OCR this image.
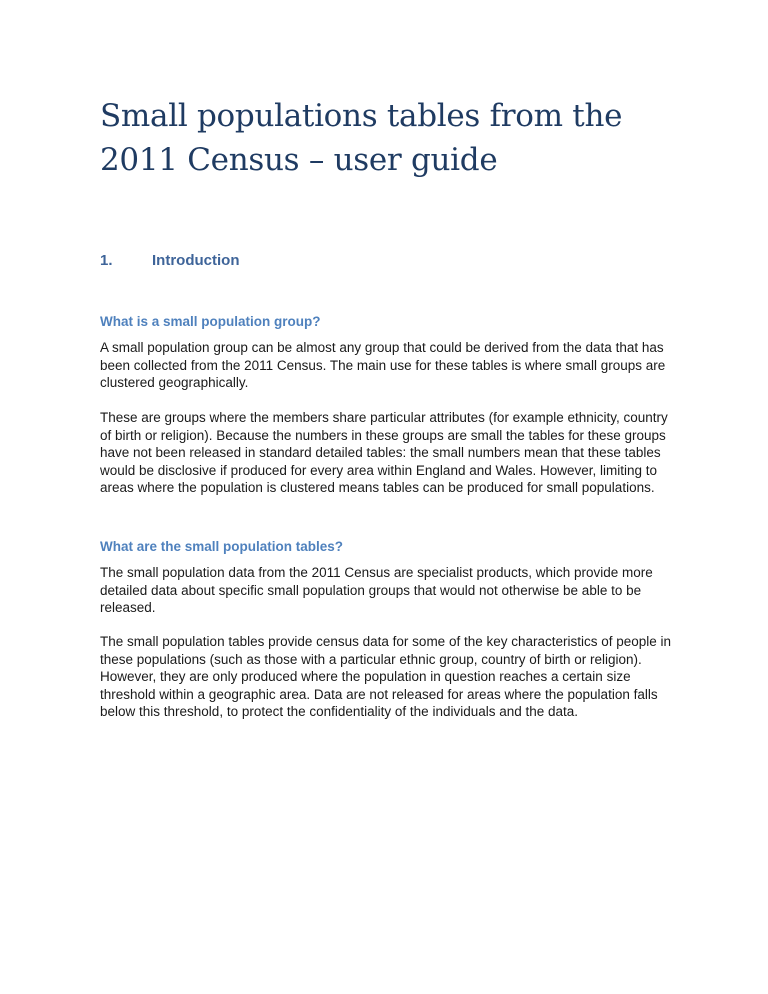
Small populations tables from the 2011 Census – user guide
1.	Introduction
What is a small population group?

A small population group can be almost any group that could be derived from the data that has been collected from the 2011 Census. The main use for these tables is where small groups are clustered geographically.

These are groups where the members share particular attributes (for example ethnicity, country of birth or religion). Because the numbers in these groups are small the tables for these groups have not been released in standard detailed tables: the small numbers mean that these tables would be disclosive if produced for every area within England and Wales. However, limiting to areas where the population is clustered means tables can be produced for small populations.

What are the small population tables?

The small population data from the 2011 Census are specialist products, which provide more detailed data about specific small population groups that would not otherwise be able to be released.

The small population tables provide census data for some of the key characteristics of people in these populations (such as those with a particular ethnic group, country of birth or religion). However, they are only produced where the population in question reaches a certain size threshold within a geographic area. Data are not released for areas where the population falls below this threshold, to protect the confidentiality of the individuals and the data.
